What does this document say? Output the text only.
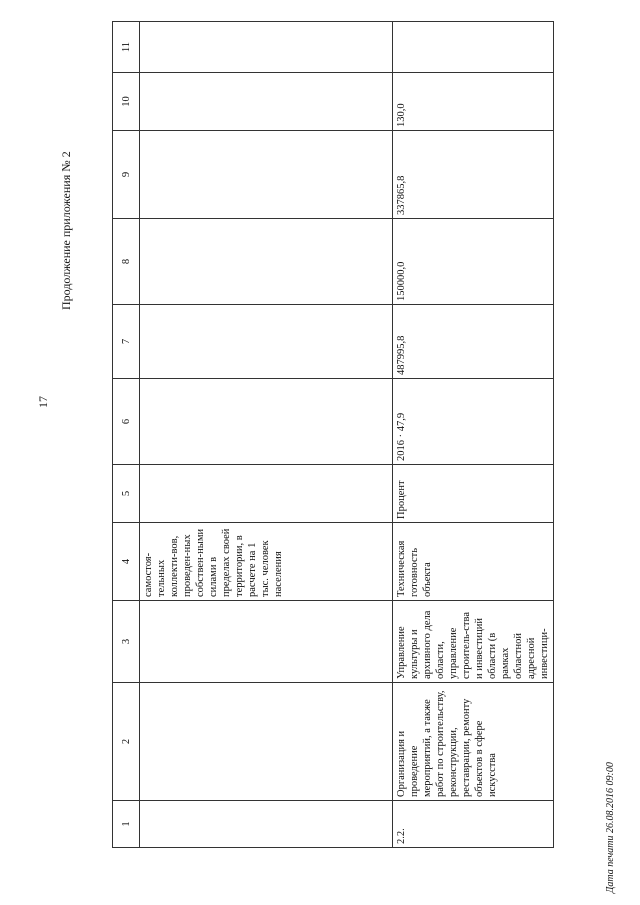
17
Продолжение приложения № 2
Дата печати 26.08.2016 09:00
1	2	3	4	5	6	7	8	9	10	11
			самостоя-тельных коллекти-вов, проведен-ных собствен-ными силами в пределах своей территории, в расчете на 1 тыс. человек населения							
2.2.	Организация и проведение мероприятий, а также работ по строительству, реконструкции, реставрации, ремонту объектов в сфере искусства	Управление культуры и архивного дела области, управление строитель-ства и инвестиций области (в рамках областной адресной инвестици-	Техническая готовность объекта	Процент	2016 · 47,9	487995,8	150000,0	337865,8	130,0	
